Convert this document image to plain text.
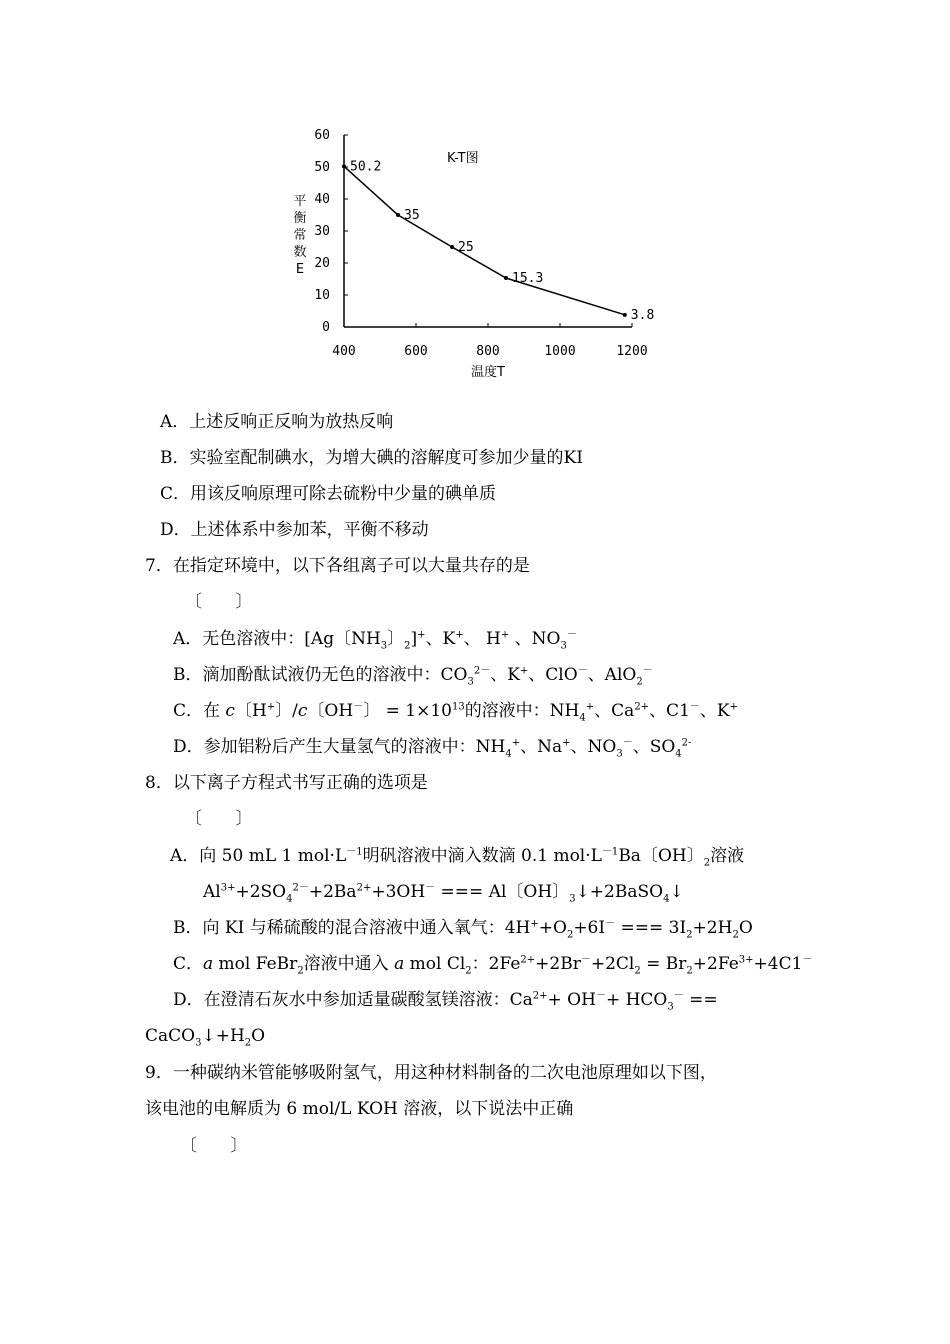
60
50
40
30
20
10
0
400	600	800	1000	1200
50.2
35
25
15.3
3.8
K-T图
温度T
平
衡
常
数
E
A．上述反响正反响为放热反响
B．实验室配制碘水，为增大碘的溶解度可参加少量的KI
C．用该反响原理可除去硫粉中少量的碘单质
D．上述体系中参加苯，平衡不移动
7．在指定环境中，以下各组离子可以大量共存的是
〔 〕
A．无色溶液中：[Ag〔$NH_3$〕$_2$]+、K+、 H+ 、$NO_3^-$
B．滴加酚酞试液仍无色的溶液中：$CO_3^{2-}$、K+、ClO－、AlO$_2$－
C．在 c〔H+〕/c〔OH－〕 = $1\times 10^{13}$的溶液中：$NH_4^+$、$Ca^{2+}$、C1－、K+
D．参加铝粉后产生大量氢气的溶液中：$NH_4^+$、Na+、$NO_3^-$、$SO_4^{2-}$
8．以下离子方程式书写正确的选项是
〔 〕
A．向 50 mL 1 $mol\cdot L^{-1}$明矾溶液中滴入数滴 0.1 $mol\cdot L^{-1}Ba$〔OH〕$_2$溶液
$Al^{3+}+2SO_4^{2-}+2Ba^{2+}+3OH^-$ === Al〔OH〕$_3$↓+2BaSO$_4$↓
B．向 KI 与稀硫酸的混合溶液中通入氧气：$4H^++O_2+6I^-$ === $3I_2+2H_2O$
C．a mol FeBr$_2$溶液中通入 a mol $Cl_2$：$2Fe^{2+}+2Br^-+2Cl_2 = Br_2+2Fe^{3+}+4C1^-$
D．在澄清石灰水中参加适量碳酸氢镁溶液：$Ca^{2+}+ OH^-+ HCO_3^-$ ==
$CaCO_3↓+H_2O$
9．一种碳纳米管能够吸附氢气，用这种材料制备的二次电池原理如以下图，
该电池的电解质为 6 mol/L KOH 溶液，以下说法中正确
〔 〕
